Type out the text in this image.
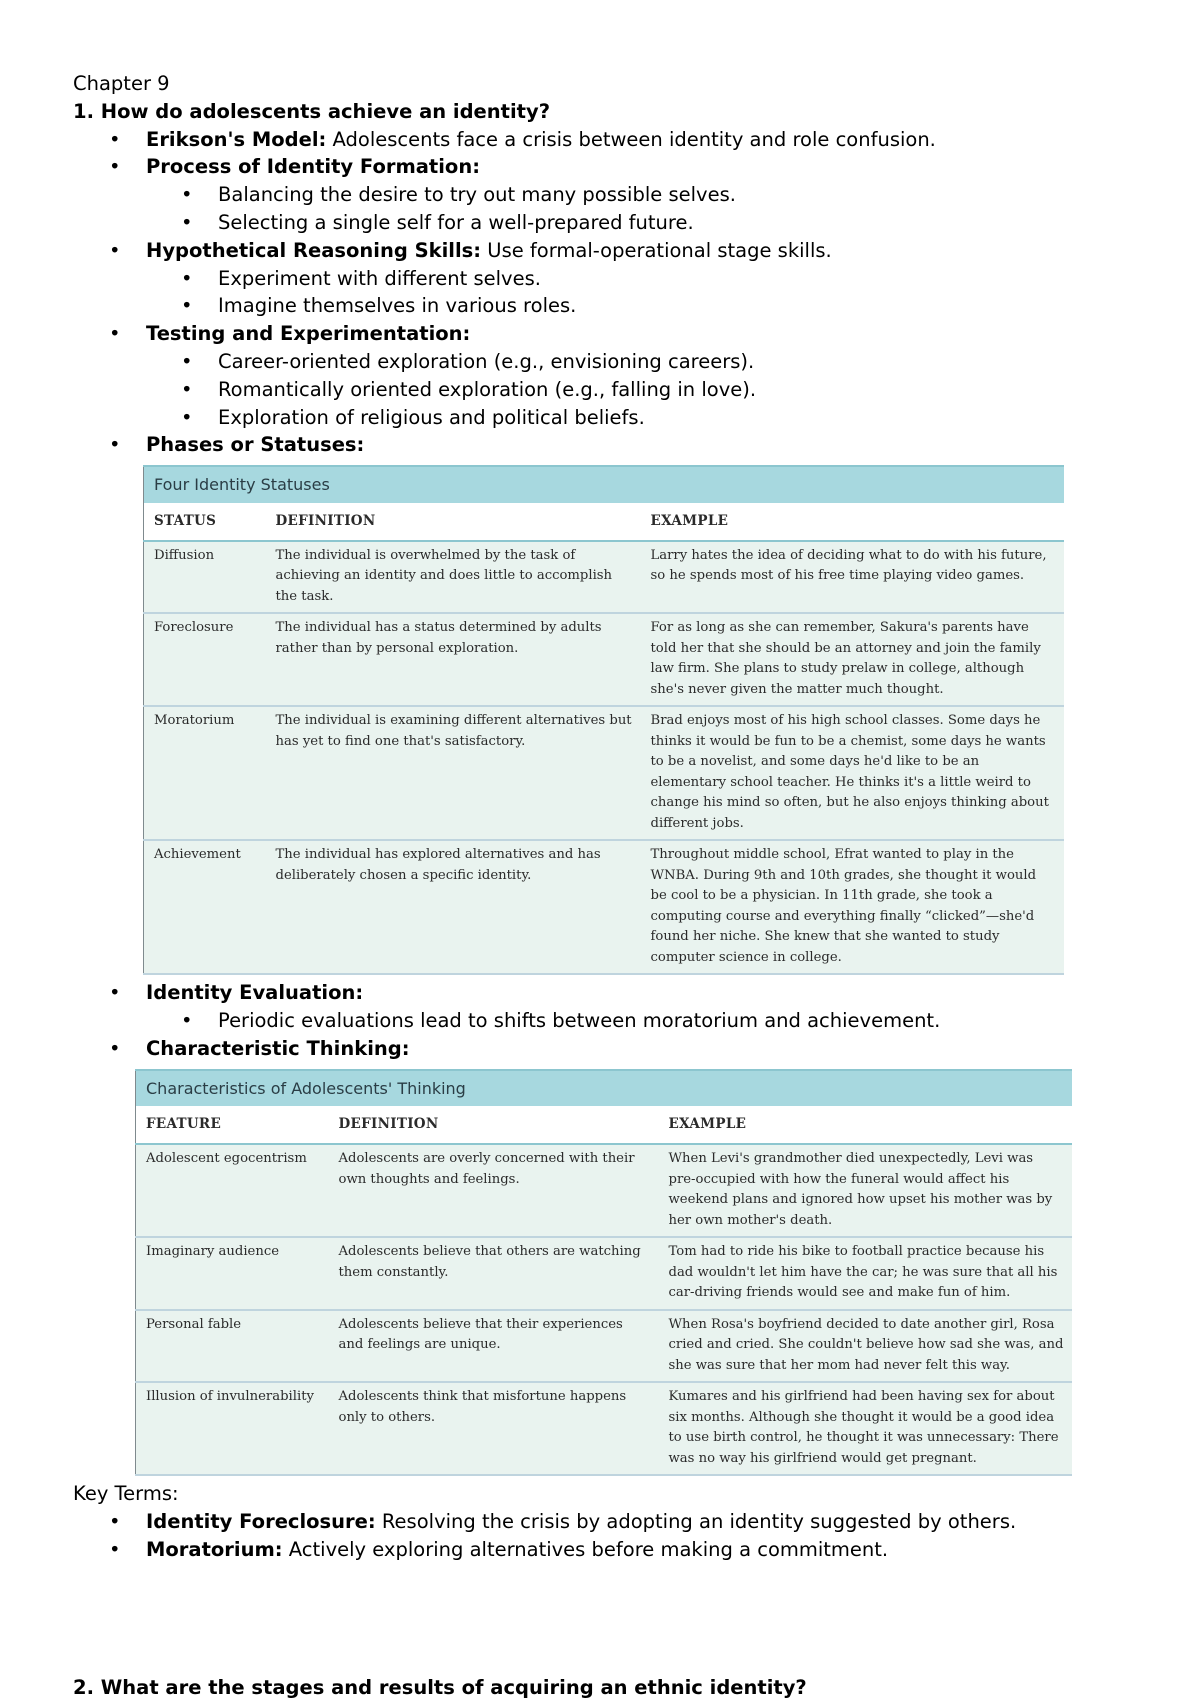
Chapter 9

1. How do adolescents achieve an identity?

• Erikson's Model: Adolescents face a crisis between identity and role confusion.
• Process of Identity Formation:
• Balancing the desire to try out many possible selves.
• Selecting a single self for a well-prepared future.
• Hypothetical Reasoning Skills: Use formal-operational stage skills.
• Experiment with different selves.
• Imagine themselves in various roles.
• Testing and Experimentation:
• Career-oriented exploration (e.g., envisioning careers).
• Romantically oriented exploration (e.g., falling in love).
• Exploration of religious and political beliefs.
• Phases or Statuses:
Four Identity Statuses		
STATUS	DEFINITION	EXAMPLE
Diffusion	The individual is overwhelmed by the task of achieving an identity and does little to accomplish the task.	Larry hates the idea of deciding what to do with his future, so he spends most of his free time playing video games.
Foreclosure	The individual has a status determined by adults rather than by personal exploration.	For as long as she can remember, Sakura's parents have told her that she should be an attorney and join the family law firm. She plans to study prelaw in college, although she's never given the matter much thought.
Moratorium	The individual is examining different alternatives but has yet to find one that's satisfactory.	Brad enjoys most of his high school classes. Some days he thinks it would be fun to be a chemist, some days he wants to be a novelist, and some days he'd like to be an elementary school teacher. He thinks it's a little weird to change his mind so often, but he also enjoys thinking about different jobs.
Achievement	The individual has explored alternatives and has deliberately chosen a specific identity.	Throughout middle school, Efrat wanted to play in the WNBA. During 9th and 10th grades, she thought it would be cool to be a physician. In 11th grade, she took a computing course and everything finally “clicked”—she'd found her niche. She knew that she wanted to study computer science in college.
• Identity Evaluation:
• Periodic evaluations lead to shifts between moratorium and achievement.
• Characteristic Thinking:
Characteristics of Adolescents' Thinking		
FEATURE	DEFINITION	EXAMPLE
Adolescent egocentrism	Adolescents are overly concerned with their own thoughts and feelings.	When Levi's grandmother died unexpectedly, Levi was pre-occupied with how the funeral would affect his weekend plans and ignored how upset his mother was by her own mother's death.
Imaginary audience	Adolescents believe that others are watching them constantly.	Tom had to ride his bike to football practice because his dad wouldn't let him have the car; he was sure that all his car-driving friends would see and make fun of him.
Personal fable	Adolescents believe that their experiences and feelings are unique.	When Rosa's boyfriend decided to date another girl, Rosa cried and cried. She couldn't believe how sad she was, and she was sure that her mom had never felt this way.
Illusion of invulnerability	Adolescents think that misfortune happens only to others.	Kumares and his girlfriend had been having sex for about six months. Although she thought it would be a good idea to use birth control, he thought it was unnecessary: There was no way his girlfriend would get pregnant.

Key Terms:

• Identity Foreclosure: Resolving the crisis by adopting an identity suggested by others.
• Moratorium: Actively exploring alternatives before making a commitment.

2. What are the stages and results of acquiring an ethnic identity?
